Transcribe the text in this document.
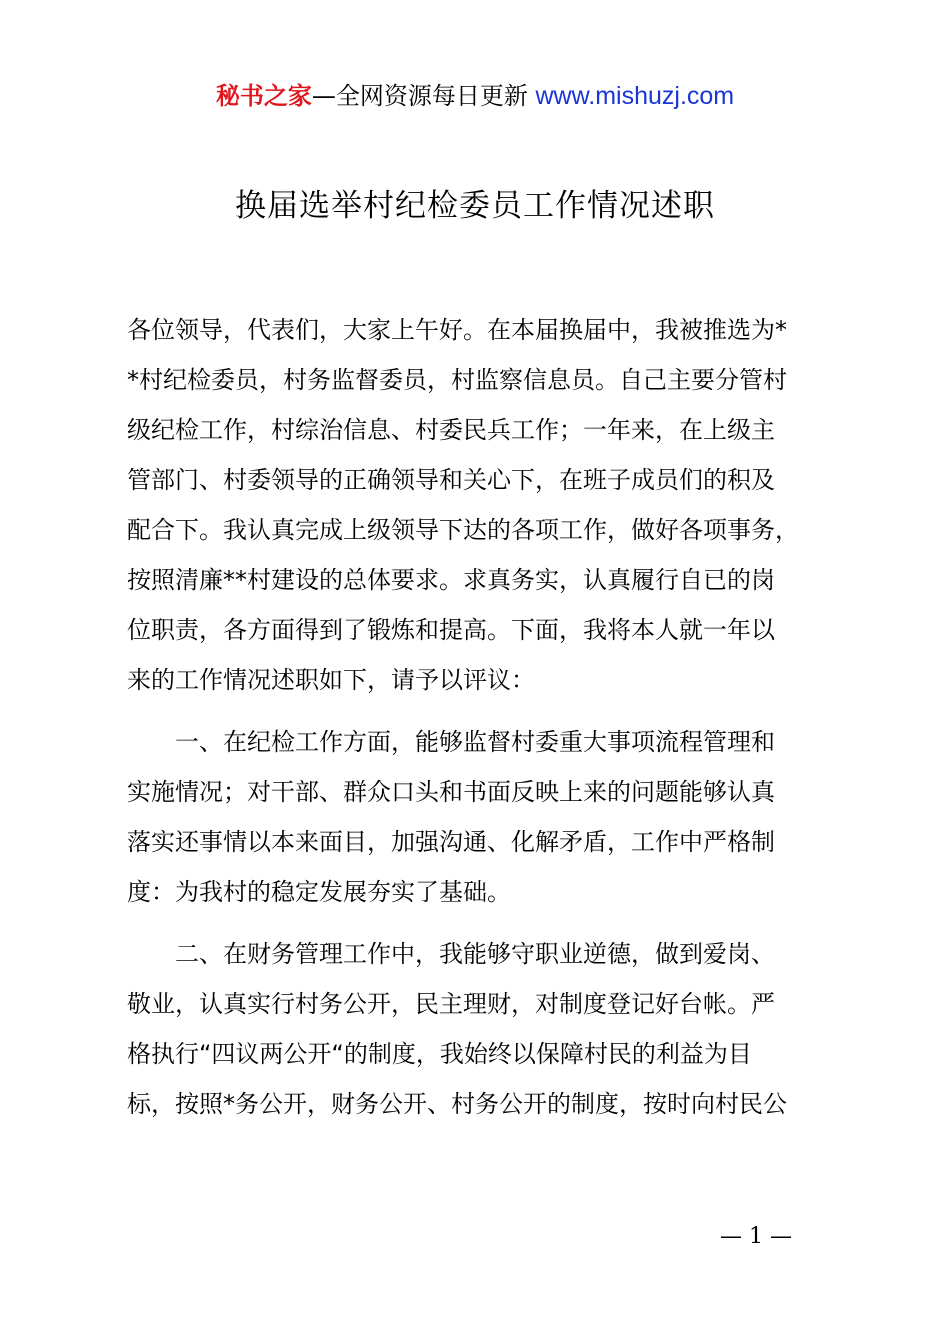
秘书之家—全网资源每日更新 www.mishuzj.com
换届选举村纪检委员工作情况述职
各位领导，代表们，大家上午好。在本届换届中，我被推选为*
*村纪检委员，村务监督委员，村监察信息员。自己主要分管村
级纪检工作，村综治信息、村委民兵工作；一年来，在上级主
管部门、村委领导的正确领导和关心下，在班子成员们的积及
配合下。我认真完成上级领导下达的各项工作，做好各项事务，
按照清廉**村建设的总体要求。求真务实，认真履行自已的岗
位职责，各方面得到了锻炼和提高。下面，我将本人就一年以
来的工作情况述职如下，请予以评议：
　　一、在纪检工作方面，能够监督村委重大事项流程管理和
实施情况；对干部、群众口头和书面反映上来的问题能够认真
落实还事情以本来面目，加强沟通、化解矛盾，工作中严格制
度：为我村的稳定发展夯实了基础。
　　二、在财务管理工作中，我能够守职业逆德，做到爱岗、
敬业，认真实行村务公开，民主理财，对制度登记好台帐。严
格执行“四议两公开“的制度，我始终以保障村民的利益为目
标，按照*务公开，财务公开、村务公开的制度，按时向村民公
— 1 —
